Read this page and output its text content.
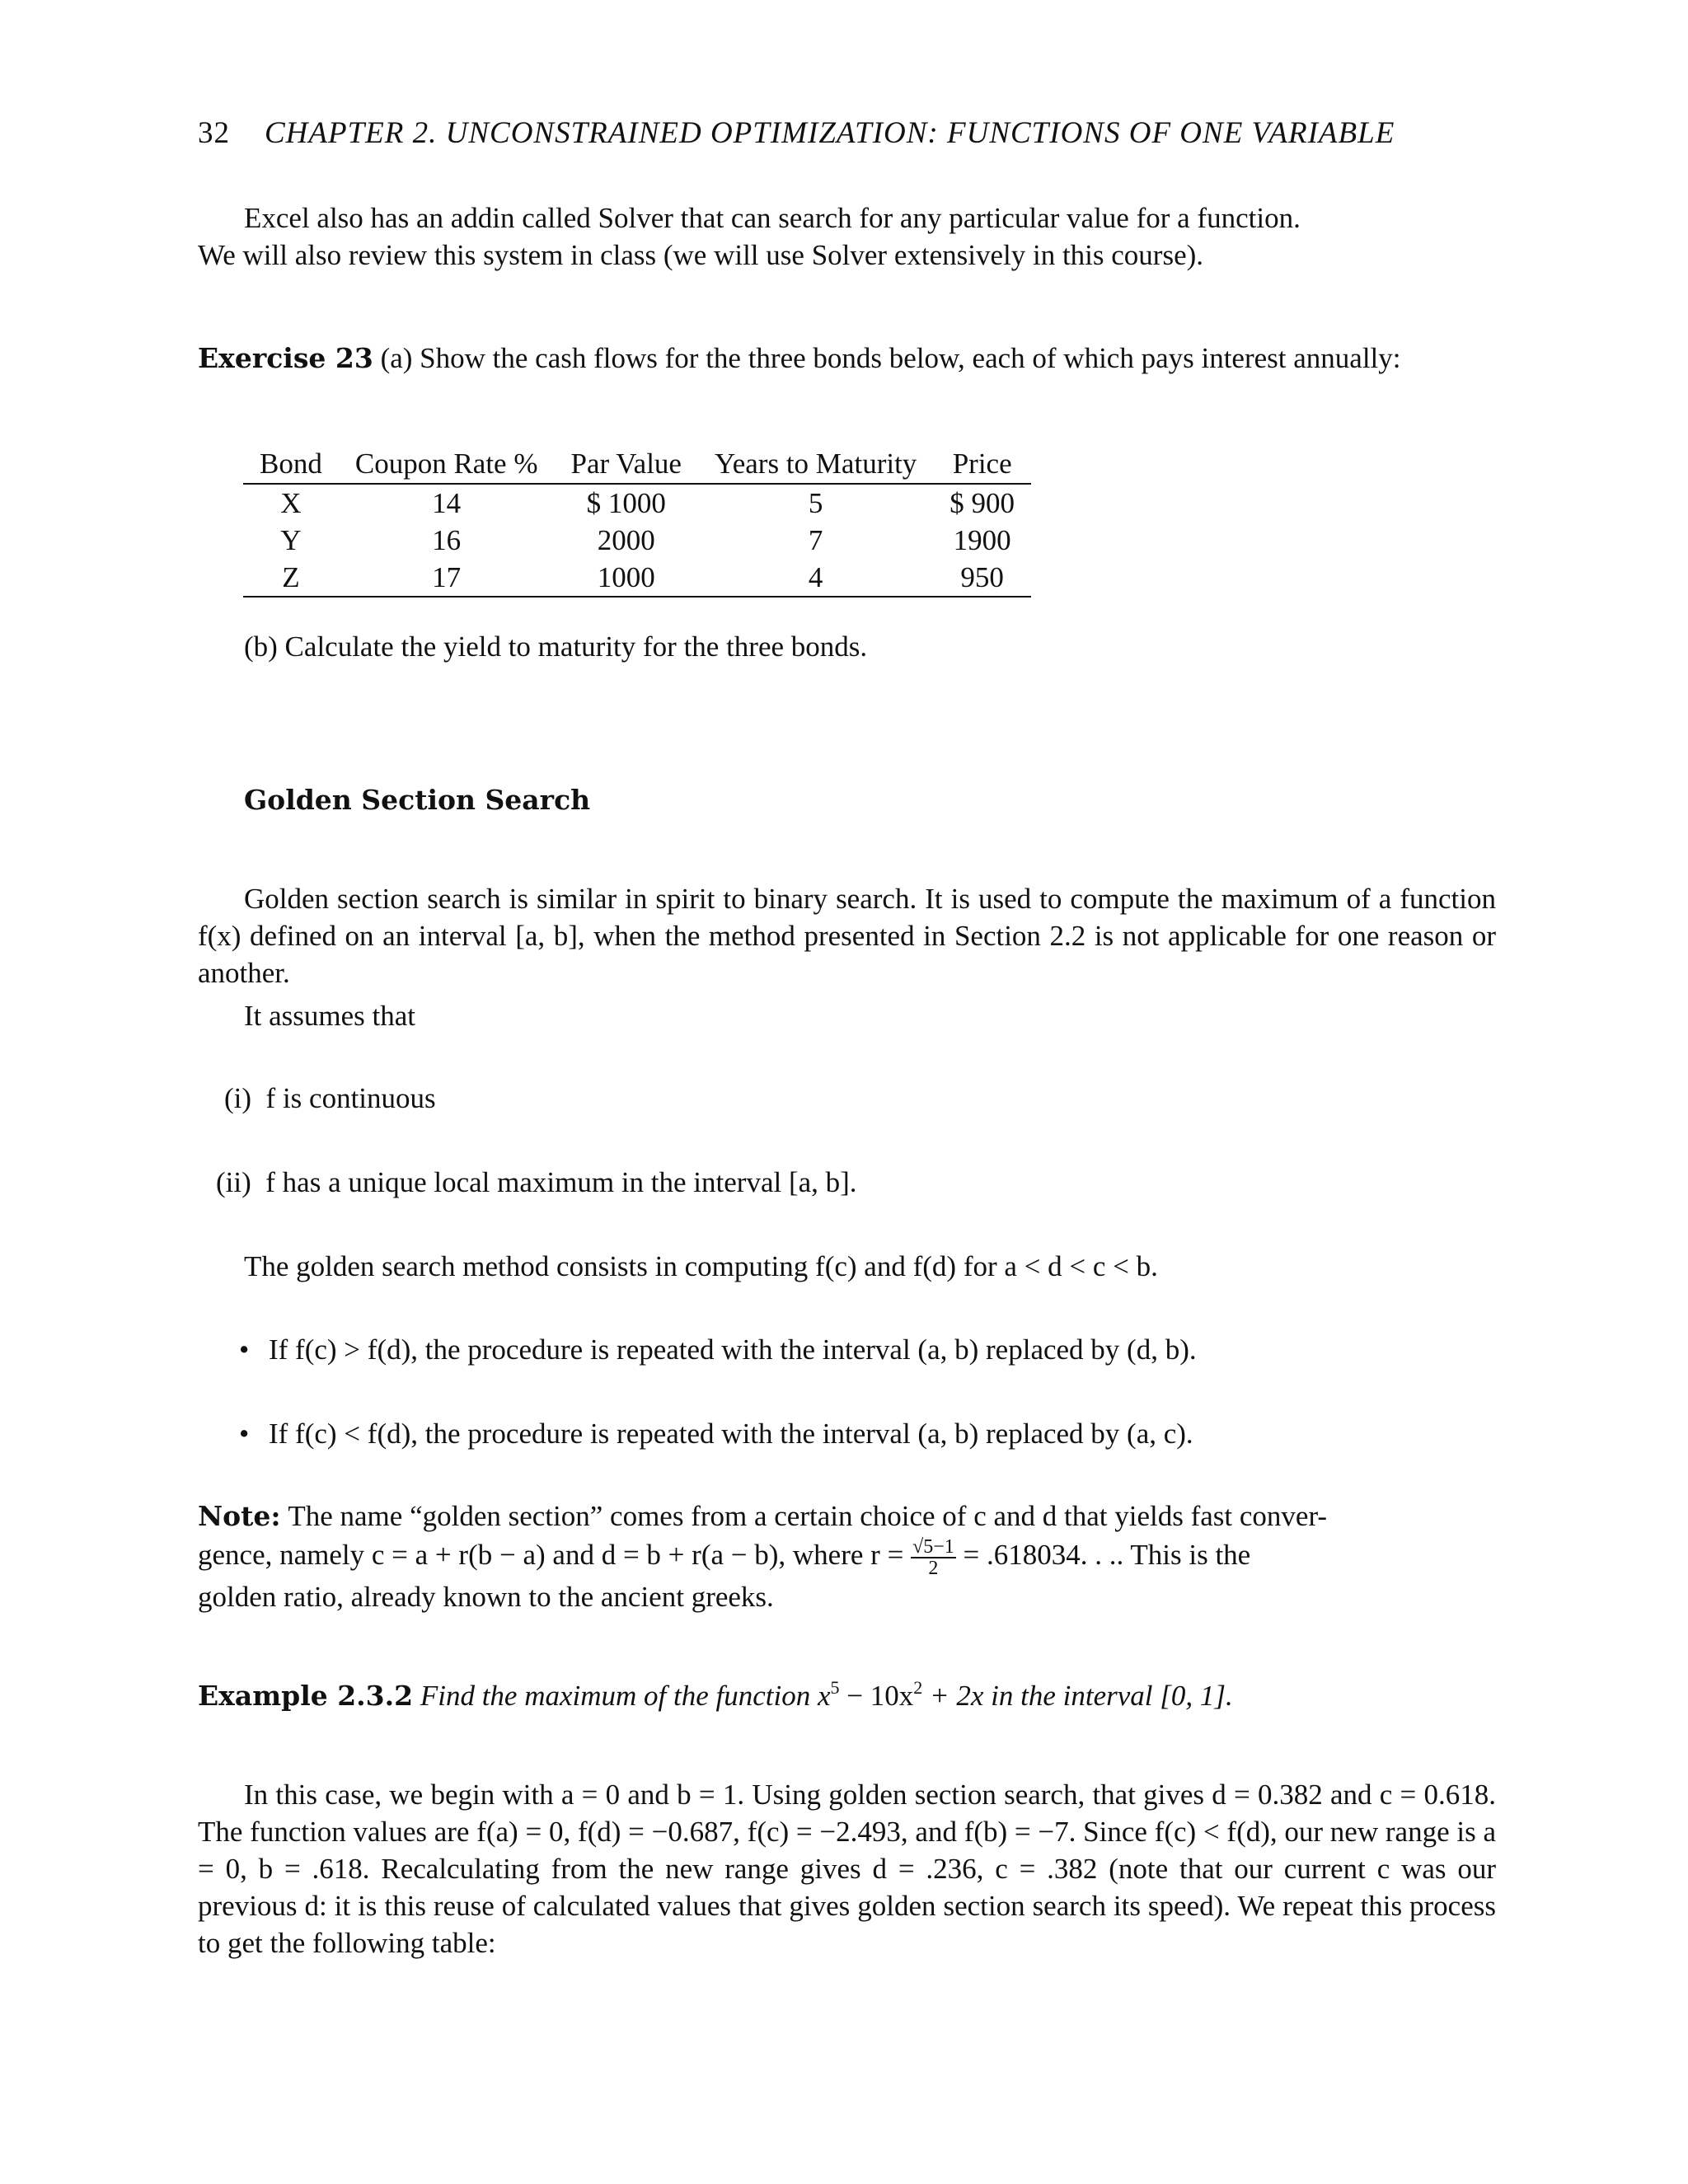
32 CHAPTER 2. UNCONSTRAINED OPTIMIZATION: FUNCTIONS OF ONE VARIABLE
Excel also has an addin called Solver that can search for any particular value for a function.
We will also review this system in class (we will use Solver extensively in this course).

Exercise 23 (a) Show the cash flows for the three bonds below, each of which pays interest annually:

Bond	Coupon Rate %	Par Value	Years to Maturity	Price
X	14	$ 1000	5	$ 900
Y	16	2000	7	1900
Z	17	1000	4	950
(b) Calculate the yield to maturity for the three bonds.
Golden Section Search

Golden section search is similar in spirit to binary search. It is used to compute the maximum of a function f(x) defined on an interval [a, b], when the method presented in Section 2.2 is not applicable for one reason or another.

It assumes that
(i) f is continuous
(ii) f has a unique local maximum in the interval [a, b].
The golden search method consists in computing f(c) and f(d) for a < d < c < b.
• If f(c) > f(d), the procedure is repeated with the interval (a, b) replaced by (d, b).
• If f(c) < f(d), the procedure is repeated with the interval (a, b) replaced by (a, c).
Note: The name “golden section” comes from a certain choice of c and d that yields fast conver-
gence, namely c = a + r(b − a) and d = b + r(a − b), where $r = \frac{√5-1}{2} = .618034$. . .. This is the
golden ratio, already known to the ancient greeks.
Example 2.3.2 Find the maximum of the function $x^5 - 10x^2 + 2x$ in the interval [0, 1].

In this case, we begin with a = 0 and b = 1. Using golden section search, that gives d = 0.382 and c = 0.618. The function values are f(a) = 0, f(d) = −0.687, f(c) = −2.493, and f(b) = −7. Since f(c) < f(d), our new range is a = 0, b = .618. Recalculating from the new range gives d = .236, c = .382 (note that our current c was our previous d: it is this reuse of calculated values that gives golden section search its speed). We repeat this process to get the following table:
